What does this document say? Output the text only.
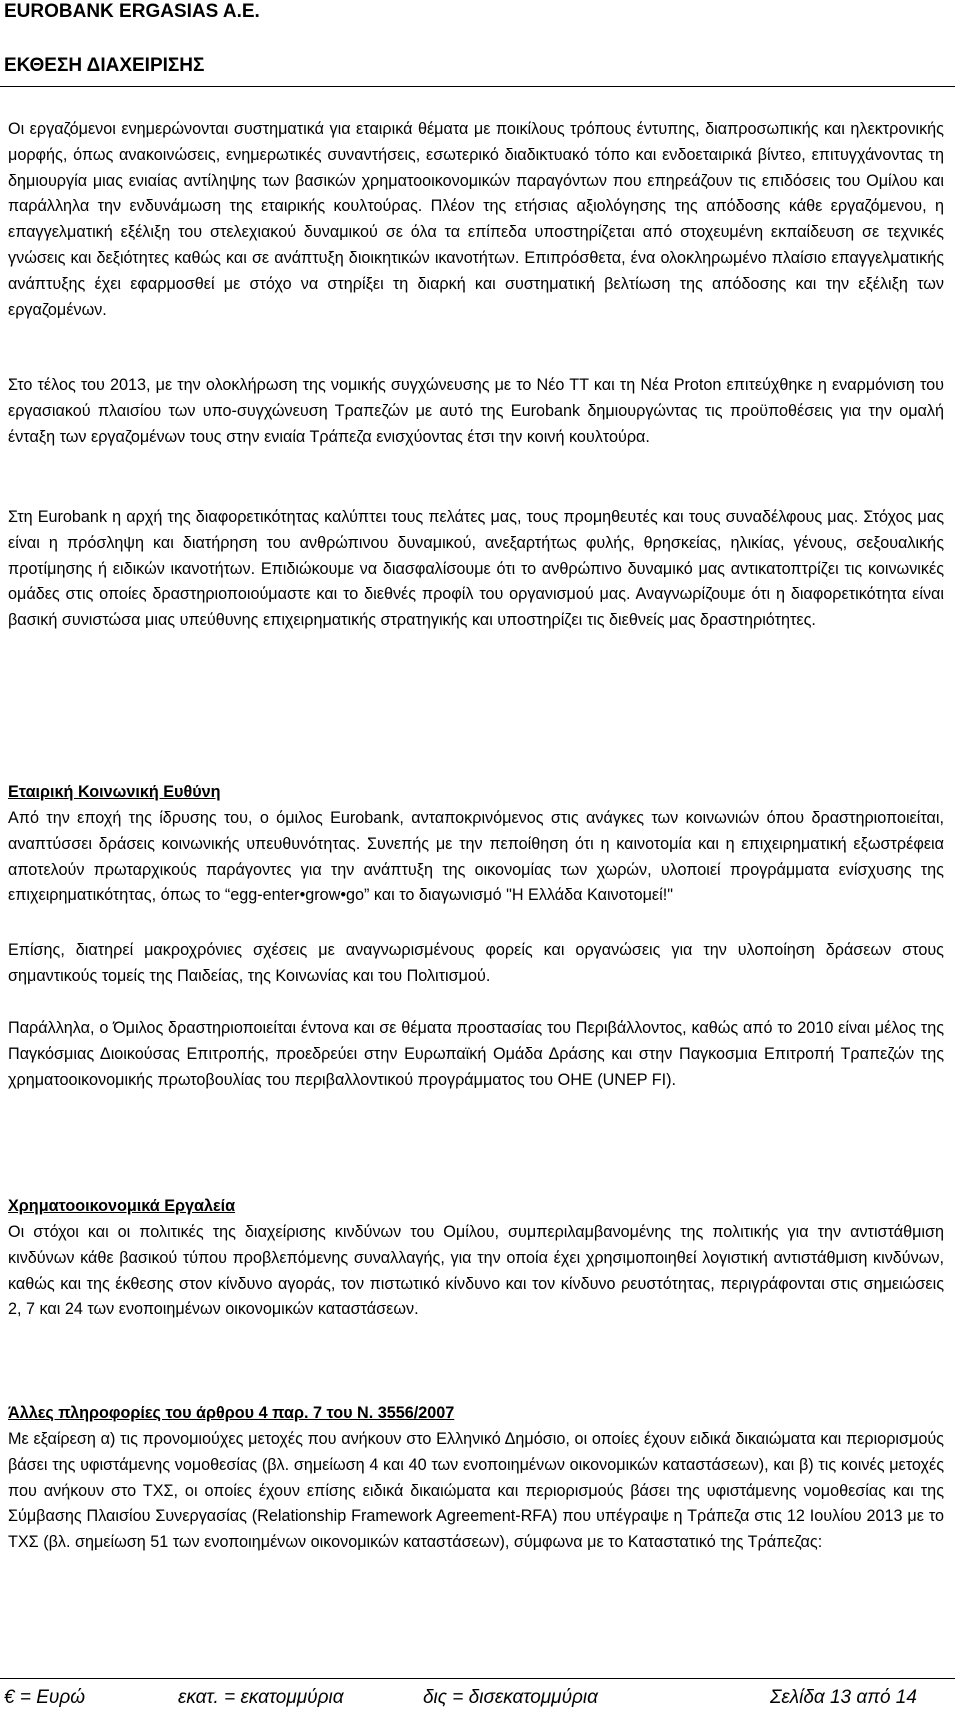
EUROBANK ERGASIAS A.E.
ΕΚΘΕΣΗ ΔΙΑΧΕΙΡΙΣΗΣ

Οι εργαζόμενοι ενημερώνονται συστηματικά για εταιρικά θέματα με ποικίλους τρόπους έντυπης, διαπροσωπικής και ηλεκτρονικής μορφής, όπως ανακοινώσεις, ενημερωτικές συναντήσεις, εσωτερικό διαδικτυακό τόπο και ενδοεταιρικά βίντεο, επιτυγχάνοντας τη δημιουργία μιας ενιαίας αντίληψης των βασικών χρηματοοικονομικών παραγόντων που επηρεάζουν τις επιδόσεις του Ομίλου και παράλληλα την ενδυνάμωση της εταιρικής κουλτούρας. Πλέον της ετήσιας αξιολόγησης της απόδοσης κάθε εργαζόμενου, η επαγγελματική εξέλιξη του στελεχιακού δυναμικού σε όλα τα επίπεδα υποστηρίζεται από στοχευμένη εκπαίδευση σε τεχνικές γνώσεις και δεξιότητες καθώς και σε ανάπτυξη διοικητικών ικανοτήτων. Επιπρόσθετα, ένα ολοκληρωμένο πλαίσιο επαγγελματικής ανάπτυξης έχει εφαρμοσθεί με στόχο να στηρίξει τη διαρκή και συστηματική βελτίωση της απόδοσης και την εξέλιξη των εργαζομένων.

Στο τέλος του 2013, με την ολοκλήρωση της νομικής συγχώνευσης με το Νέο ΤΤ και τη Νέα Proton επιτεύχθηκε η εναρμόνιση του εργασιακού πλαισίου των υπο-συγχώνευση Τραπεζών με αυτό της Eurobank δημιουργώντας τις προϋποθέσεις για την ομαλή ένταξη των εργαζομένων τους στην ενιαία Τράπεζα ενισχύοντας έτσι την κοινή κουλτούρα.

Στη Eurobank η αρχή της διαφορετικότητας καλύπτει τους πελάτες μας, τους προμηθευτές και τους συναδέλφους μας. Στόχος μας είναι η πρόσληψη και διατήρηση του ανθρώπινου δυναμικού, ανεξαρτήτως φυλής, θρησκείας, ηλικίας, γένους, σεξουαλικής προτίμησης ή ειδικών ικανοτήτων. Επιδιώκουμε να διασφαλίσουμε ότι το ανθρώπινο δυναμικό μας αντικατοπτρίζει τις κοινωνικές ομάδες στις οποίες δραστηριοποιούμαστε και το διεθνές προφίλ του οργανισμού μας. Αναγνωρίζουμε ότι η διαφορετικότητα είναι βασική συνιστώσα μιας υπεύθυνης επιχειρηματικής στρατηγικής και υποστηρίζει τις διεθνείς μας δραστηριότητες.

Εταιρική Κοινωνική Ευθύνη

Από την εποχή της ίδρυσης του, ο όμιλος Eurobank, ανταποκρινόμενος στις ανάγκες των κοινωνιών όπου δραστηριοποιείται, αναπτύσσει δράσεις κοινωνικής υπευθυνότητας. Συνεπής με την πεποίθηση ότι η καινοτομία και η επιχειρηματική εξωστρέφεια αποτελούν πρωταρχικούς παράγοντες για την ανάπτυξη της οικονομίας των χωρών, υλοποιεί προγράμματα ενίσχυσης της επιχειρηματικότητας, όπως το “egg-enter•grow•go” και το διαγωνισμό "Η Ελλάδα Καινοτομεί!"

Επίσης, διατηρεί μακροχρόνιες σχέσεις με αναγνωρισμένους φορείς και οργανώσεις για την υλοποίηση δράσεων στους σημαντικούς τομείς της Παιδείας, της Κοινωνίας και του Πολιτισμού.

Παράλληλα, ο Όμιλος δραστηριοποιείται έντονα και σε θέματα προστασίας του Περιβάλλοντος, καθώς από το 2010 είναι μέλος της Παγκόσμιας Διοικούσας Επιτροπής, προεδρεύει στην Ευρωπαϊκή Ομάδα Δράσης και στην Παγκοσμια Επιτροπή Τραπεζών της χρηματοοικονομικής πρωτοβουλίας του περιβαλλοντικού προγράμματος του ΟΗΕ (UNEP FI).

Χρηματοοικονομικά Εργαλεία

Οι στόχοι και οι πολιτικές της διαχείρισης κινδύνων του Ομίλου, συμπεριλαμβανομένης της πολιτικής για την αντιστάθμιση κινδύνων κάθε βασικού τύπου προβλεπόμενης συναλλαγής, για την οποία έχει χρησιμοποιηθεί λογιστική αντιστάθμιση κινδύνων, καθώς και της έκθεσης στον κίνδυνο αγοράς, τον πιστωτικό κίνδυνο και τον κίνδυνο ρευστότητας, περιγράφονται στις σημειώσεις 2, 7 και 24 των ενοποιημένων οικονομικών καταστάσεων.

Άλλες πληροφορίες του άρθρου 4 παρ. 7 του Ν. 3556/2007

Με εξαίρεση α) τις προνομιούχες μετοχές που ανήκουν στο Ελληνικό Δημόσιο, οι οποίες έχουν ειδικά δικαιώματα και περιορισμούς βάσει της υφιστάμενης νομοθεσίας (βλ. σημείωση 4 και 40 των ενοποιημένων οικονομικών καταστάσεων), και β) τις κοινές μετοχές που ανήκουν στο ΤΧΣ, οι οποίες έχουν επίσης ειδικά δικαιώματα και περιορισμούς βάσει της υφιστάμενης νομοθεσίας και της Σύμβασης Πλαισίου Συνεργασίας (Relationship Framework Agreement-RFA) που υπέγραψε η Τράπεζα στις 12 Ιουλίου 2013 με το ΤΧΣ (βλ. σημείωση 51 των ενοποιημένων οικονομικών καταστάσεων), σύμφωνα με το Καταστατικό της Τράπεζας:

€ = Ευρώ	εκατ. = εκατομμύρια	δις = δισεκατομμύρια	Σελίδα 13 από 14
